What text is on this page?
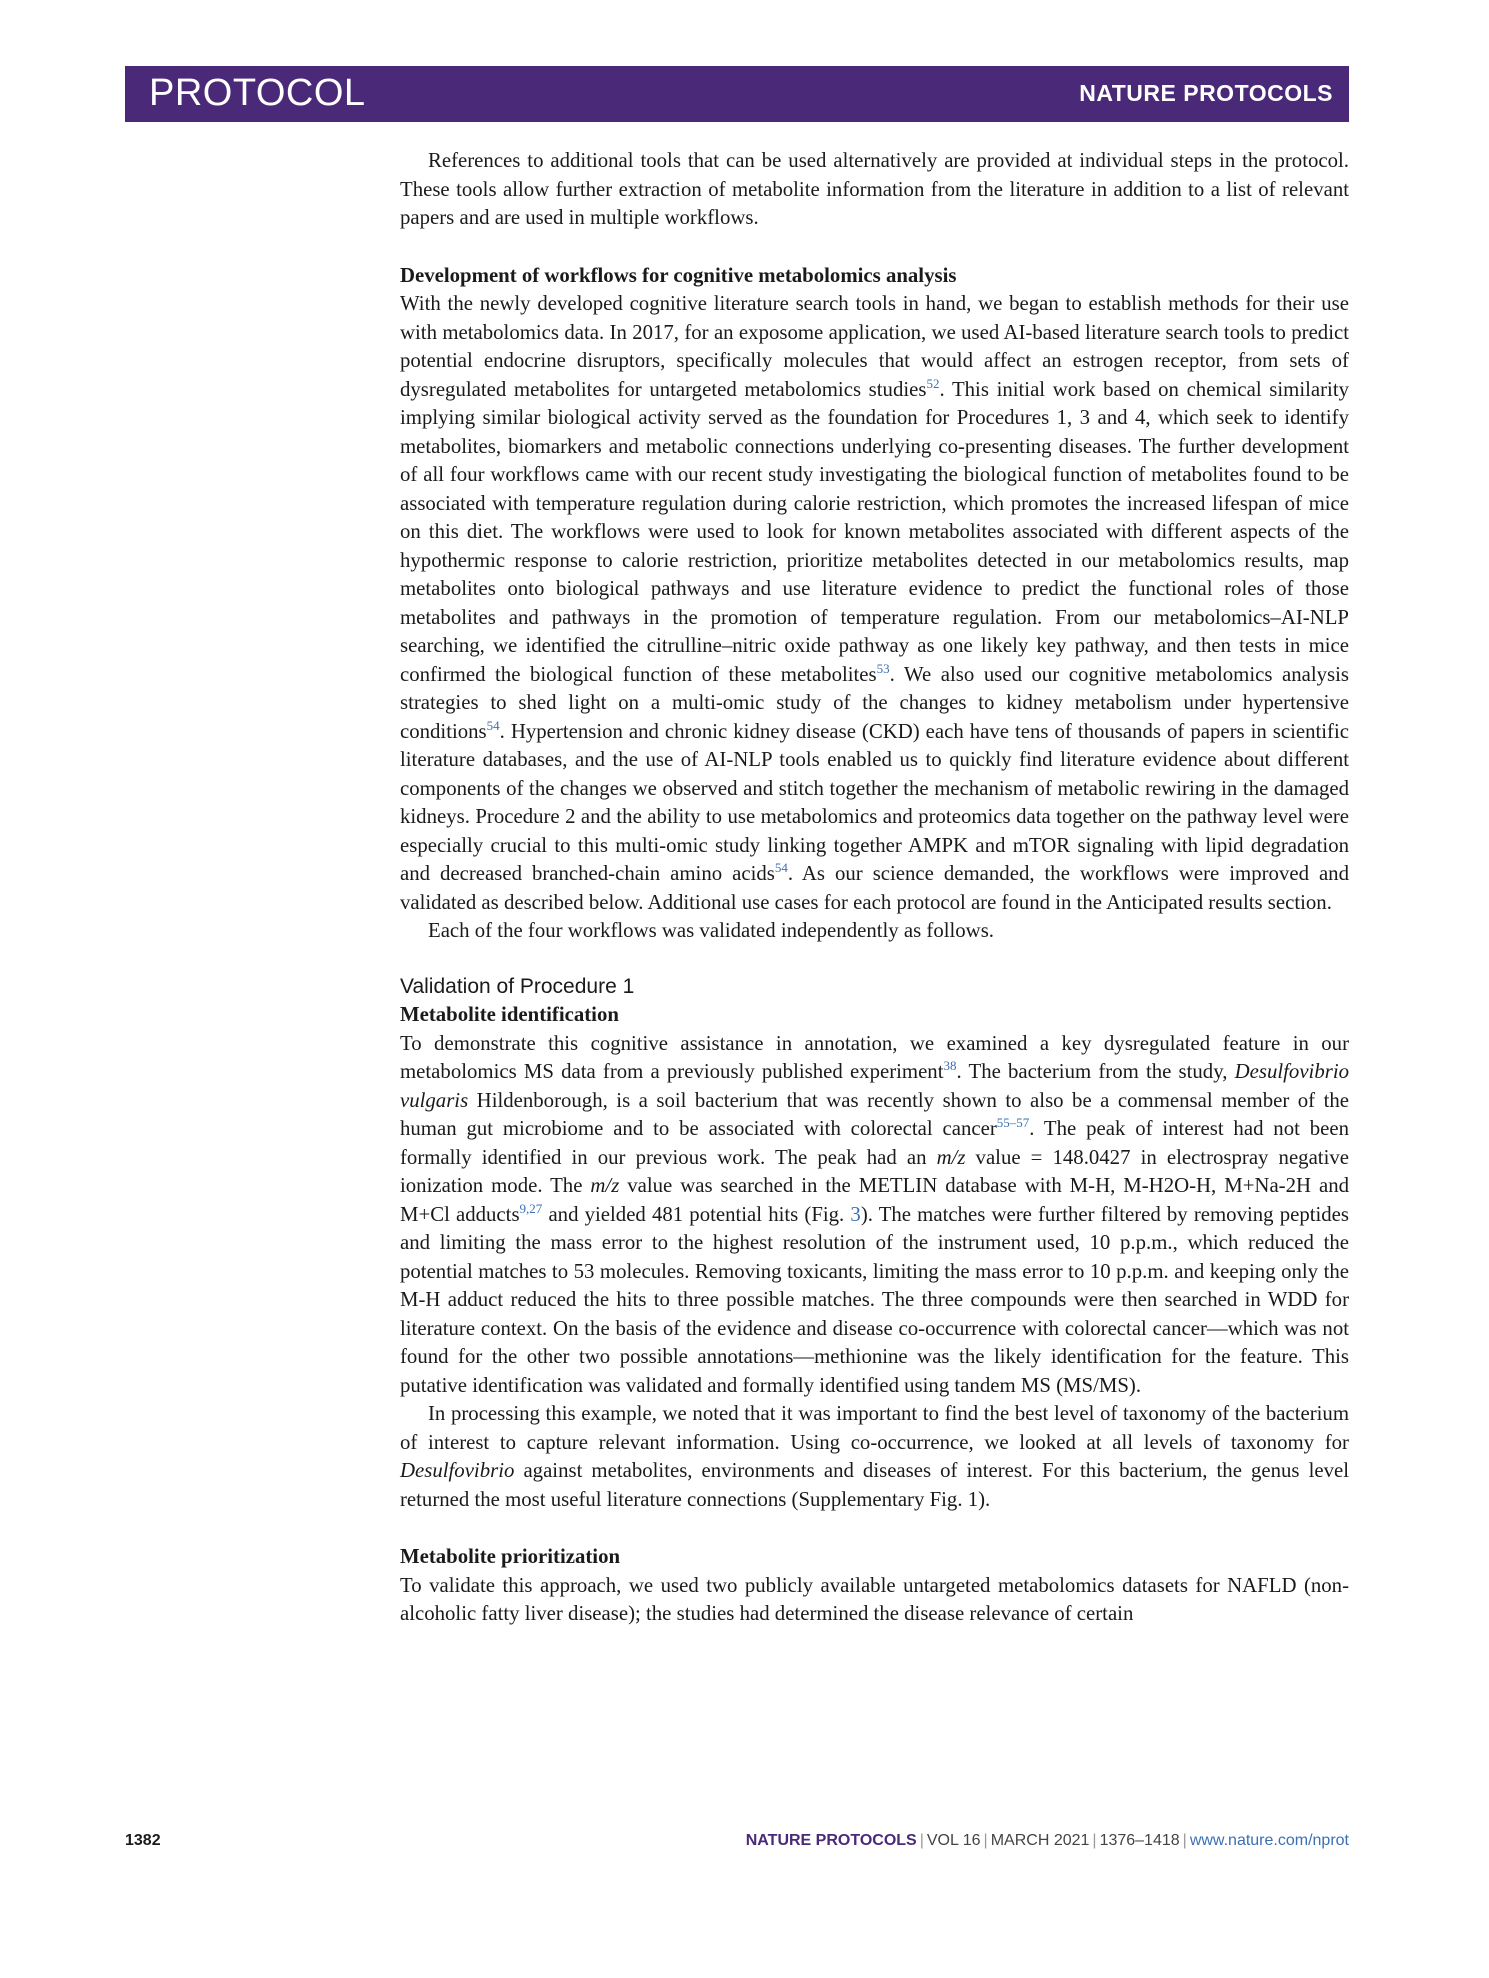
PROTOCOL	NATURE PROTOCOLS

References to additional tools that can be used alternatively are provided at individual steps in the protocol. These tools allow further extraction of metabolite information from the literature in addition to a list of relevant papers and are used in multiple workflows.

Development of workflows for cognitive metabolomics analysis

With the newly developed cognitive literature search tools in hand, we began to establish methods for their use with metabolomics data. In 2017, for an exposome application, we used AI-based literature search tools to predict potential endocrine disruptors, specifically molecules that would affect an estrogen receptor, from sets of dysregulated metabolites for untargeted metabolomics studies$^{52}$. This initial work based on chemical similarity implying similar biological activity served as the foundation for Procedures 1, 3 and 4, which seek to identify metabolites, biomarkers and metabolic connections underlying co-presenting diseases. The further development of all four workflows came with our recent study investigating the biological function of metabolites found to be associated with temperature regulation during calorie restriction, which promotes the increased lifespan of mice on this diet. The workflows were used to look for known metabolites associated with different aspects of the hypothermic response to calorie restriction, prioritize metabolites detected in our metabolomics results, map metabolites onto biological pathways and use literature evidence to predict the functional roles of those metabolites and pathways in the promotion of temperature regulation. From our metabolomics–AI-NLP searching, we identified the citrulline–nitric oxide pathway as one likely key pathway, and then tests in mice confirmed the biological function of these metabolites$^{53}$. We also used our cognitive metabolomics analysis strategies to shed light on a multi-omic study of the changes to kidney metabolism under hypertensive conditions$^{54}$. Hypertension and chronic kidney disease (CKD) each have tens of thousands of papers in scientific literature databases, and the use of AI-NLP tools enabled us to quickly find literature evidence about different components of the changes we observed and stitch together the mechanism of metabolic rewiring in the damaged kidneys. Procedure 2 and the ability to use metabolomics and proteomics data together on the pathway level were especially crucial to this multi-omic study linking together AMPK and mTOR signaling with lipid degradation and decreased branched-chain amino acids$^{54}$. As our science demanded, the workflows were improved and validated as described below. Additional use cases for each protocol are found in the Anticipated results section.

Each of the four workflows was validated independently as follows.

Validation of Procedure 1

Metabolite identification

To demonstrate this cognitive assistance in annotation, we examined a key dysregulated feature in our metabolomics MS data from a previously published experiment$^{38}$. The bacterium from the study, Desulfovibrio vulgaris Hildenborough, is a soil bacterium that was recently shown to also be a commensal member of the human gut microbiome and to be associated with colorectal cancer$^{55-57}$. The peak of interest had not been formally identified in our previous work. The peak had an m/z value = 148.0427 in electrospray negative ionization mode. The m/z value was searched in the METLIN database with M-H, M-H2O-H, M+Na-2H and M+Cl adducts$^{9,27}$ and yielded 481 potential hits (Fig. 3). The matches were further filtered by removing peptides and limiting the mass error to the highest resolution of the instrument used, 10 p.p.m., which reduced the potential matches to 53 molecules. Removing toxicants, limiting the mass error to 10 p.p.m. and keeping only the M-H adduct reduced the hits to three possible matches. The three compounds were then searched in WDD for literature context. On the basis of the evidence and disease co-occurrence with colorectal cancer—which was not found for the other two possible annotations—methionine was the likely identification for the feature. This putative identification was validated and formally identified using tandem MS (MS/MS).

In processing this example, we noted that it was important to find the best level of taxonomy of the bacterium of interest to capture relevant information. Using co-occurrence, we looked at all levels of taxonomy for Desulfovibrio against metabolites, environments and diseases of interest. For this bacterium, the genus level returned the most useful literature connections (Supplementary Fig. 1).

Metabolite prioritization

To validate this approach, we used two publicly available untargeted metabolomics datasets for NAFLD (non-alcoholic fatty liver disease); the studies had determined the disease relevance of certain

1382	NATURE PROTOCOLS | VOL 16 | MARCH 2021 | 1376–1418 | www.nature.com/nprot
